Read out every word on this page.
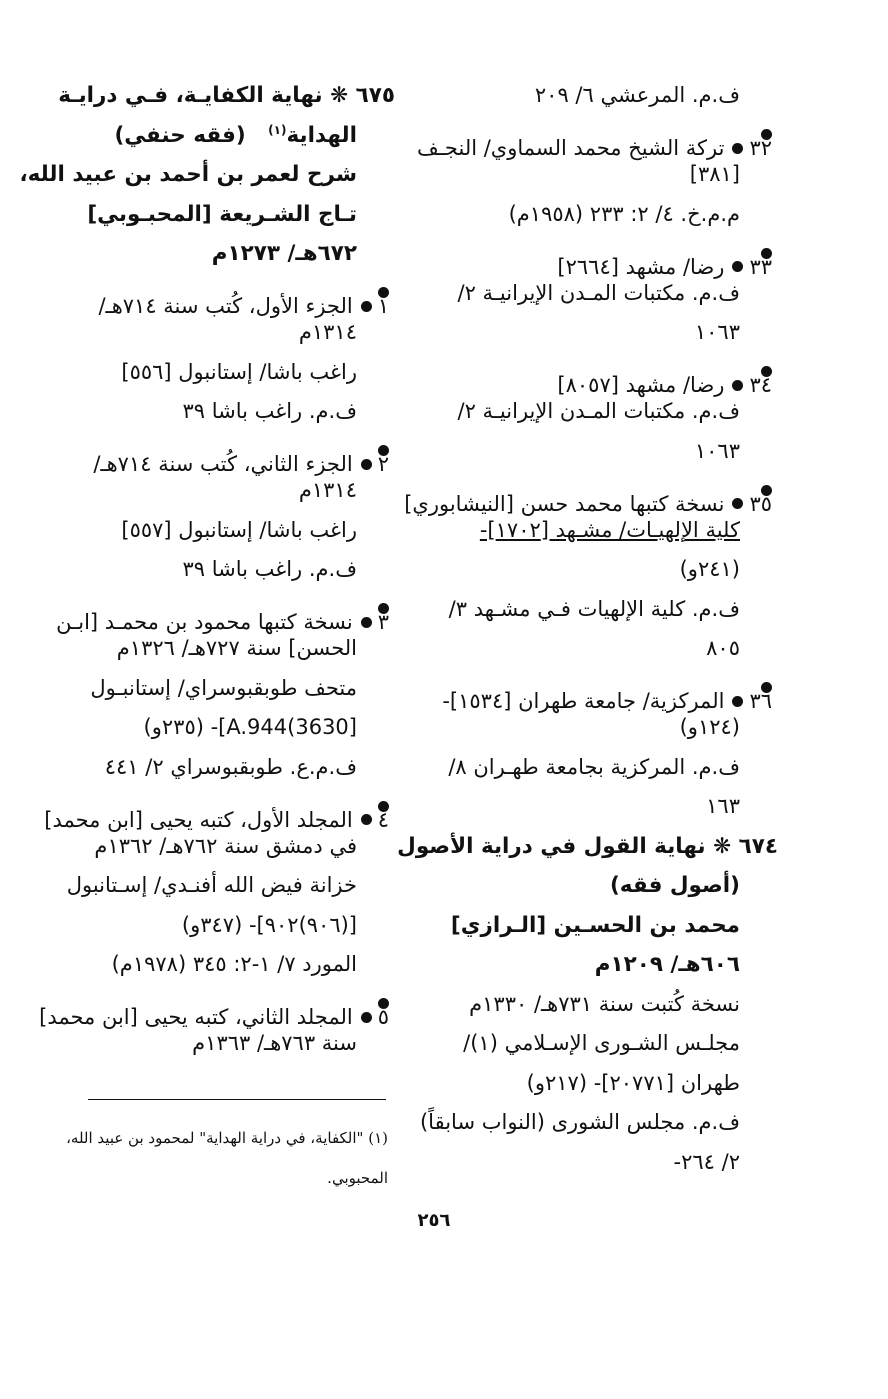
ف.م. المرعشي ٦/ ٢٠٩
٣٢تركة الشيخ محمد السماوي/ النجـف
[٣٨١]
م.م.خ. ٤/ ٢: ٢٣٣ (١٩٥٨م)
٣٣رضا/ مشهد [٢٦٦٤]
ف.م. مكتبات المـدن الإيرانيـة ٢/
١٠٦٣
٣٤رضا/ مشهد [٨٠٥٧]
ف.م. مكتبات المـدن الإيرانيـة ٢/
١٠٦٣
٣٥نسخة كتبها محمد حسن [النيشابوري]
كلية الإلهيـات/ مشـهد [١٧٠٢]-
(٢٤١و)
ف.م. كلية الإلهيات فـي مشـهد ٣/
٨٠٥
٣٦المركزية/ جامعة طهران [١٥٣٤]-
(١٢٤و)
ف.م. المركزية بجامعة طهـران ٨/
١٦٣
٦٧٤ ❋ نهاية القول في دراية الأصول
(أصول فقه)
محمد بن الحسـين [الـرازي]
٦٠٦هـ/ ١٢٠٩م
نسخة كُتبت سنة ٧٣١هـ/ ١٣٣٠م
مجلـس الشـورى الإسـلامي (١)/
طهران [٢٠٧٧١]- (٢١٧و)
ف.م. مجلس الشورى (النواب سابقاً)
٢/ ٢٦٤-
٦٧٥ ❋ نهاية الكفايـة، فـي درايـة
الهداية$^{(١)}$   (فقه حنفي)
شرح لعمر بن أحمد بن عبيد الله،
تـاج الشـريعة [المحبـوبي]
٦٧٢هـ/ ١٢٧٣م
١الجزء الأول، كُتب سنة ٧١٤هـ/
١٣١٤م
راغب باشا/ إستانبول [٥٥٦]
ف.م. راغب باشا ٣٩
٢الجزء الثاني، كُتب سنة ٧١٤هـ/
١٣١٤م
راغب باشا/ إستانبول [٥٥٧]
ف.م. راغب باشا ٣٩
٣نسخة كتبها محمود بن محمـد [ابـن
الحسن] سنة ٧٢٧هـ/ ١٣٢٦م
متحف طوبقبوسراي/ إستانبـول
[3630)A.944]- (٢٣٥و)
ف.م.ع. طوبقبوسراي ٢/ ٤٤١
٤المجلد الأول، كتبه يحيى [ابن محمد]
في دمشق سنة ٧٦٢هـ/ ١٣٦٢م
خزانة فيض الله أفنـدي/ إسـتانبول
[(٩٠٦)٩٠٢]- (٣٤٧و)
المورد ٧/ ١-٢: ٣٤٥ (١٩٧٨م)
٥المجلد الثاني، كتبه يحيى [ابن محمد]
سنة ٧٦٣هـ/ ١٣٦٣م
(١) "الكفاية، في دراية الهداية" لمحمود بن عبيد الله،
المحبوبي.
٢٥٦
